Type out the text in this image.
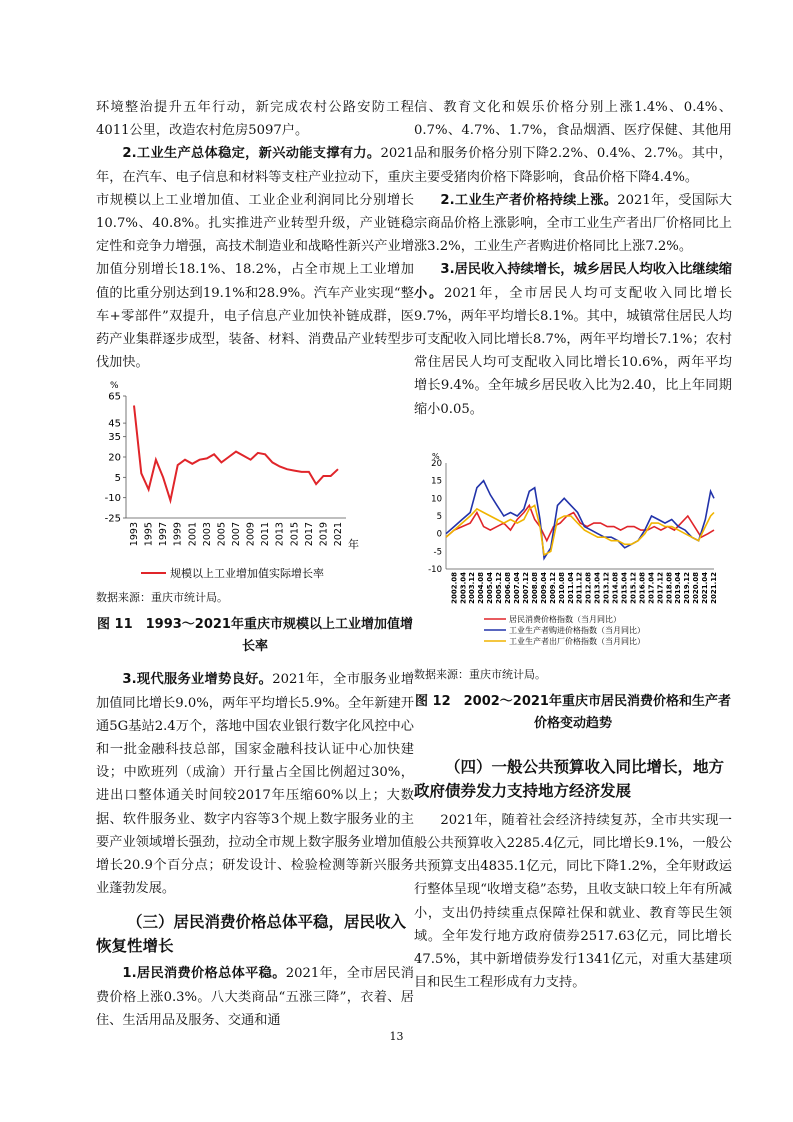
环境整治提升五年行动，新完成农村公路安防工程4011公里，改造农村危房5097户。

2.工业生产总体稳定，新兴动能支撑有力。2021年，在汽车、电子信息和材料等支柱产业拉动下，重庆市规模以上工业增加值、工业企业利润同比分别增长10.7%、40.8%。扎实推进产业转型升级，产业链稳定性和竞争力增强，高技术制造业和战略性新兴产业增加值分别增长18.1%、18.2%，占全市规上工业增加值的比重分别达到19.1%和28.9%。汽车产业实现“整车+零部件”双提升，电子信息产业加快补链成群，医药产业集群逐步成型，装备、材料、消费品产业转型步伐加快。

%
65
45
35
20
5
-10
-25
1993 1995 1997 1999 2001 2003 2005 2007 2009 2011 2013 2015 2017 2019 2021 年
规模以上工业增加值实际增长率

数据来源：重庆市统计局。

图 11　1993～2021年重庆市规模以上工业增加值增长率

3.现代服务业增势良好。2021年，全市服务业增加值同比增长9.0%，两年平均增长5.9%。全年新建开通5G基站2.4万个，落地中国农业银行数字化风控中心和一批金融科技总部，国家金融科技认证中心加快建设；中欧班列（成渝）开行量占全国比例超过30%，进出口整体通关时间较2017年压缩60%以上；大数据、软件服务业、数字内容等3个规上数字服务业的主要产业领域增长强劲，拉动全市规上数字服务业增加值增长20.9个百分点；研发设计、检验检测等新兴服务业蓬勃发展。

（三）居民消费价格总体平稳，居民收入恢复性增长

1.居民消费价格总体平稳。2021年，全市居民消费价格上涨0.3%。八大类商品“五涨三降”，衣着、居住、生活用品及服务、交通和通

信、教育文化和娱乐价格分别上涨1.4%、0.4%、0.7%、4.7%、1.7%，食品烟酒、医疗保健、其他用品和服务价格分别下降2.2%、0.4%、2.7%。其中，主要受猪肉价格下降影响，食品价格下降4.4%。

2.工业生产者价格持续上涨。2021年，受国际大宗商品价格上涨影响，全市工业生产者出厂价格同比上涨3.2%，工业生产者购进价格同比上涨7.2%。

3.居民收入持续增长，城乡居民人均收入比继续缩小。2021年，全市居民人均可支配收入同比增长9.7%，两年平均增长8.1%。其中，城镇常住居民人均可支配收入同比增长8.7%，两年平均增长7.1%；农村常住居民人均可支配收入同比增长10.6%，两年平均增长9.4%。全年城乡居民收入比为2.40，比上年同期缩小0.05。

%
20
15
10
5
0
-5
-10
2002.08 2003.04 2003.12 2004.08 2005.04 2005.12 2006.08 2007.04 2007.12 2008.08 2009.04 2009.12 2010.08 2011.04 2011.12 2012.08 2013.04 2013.12 2014.08 2015.04 2015.12 2016.08 2017.04 2017.12 2018.08 2019.04 2019.12 2020.08 2021.04 2021.12
居民消费价格指数（当月同比）
工业生产者购进价格指数（当月同比）
工业生产者出厂价格指数（当月同比）

数据来源：重庆市统计局。

图 12　2002～2021年重庆市居民消费价格和生产者价格变动趋势
（四）一般公共预算收入同比增长，地方政府债券发力支持地方经济发展

2021年，随着社会经济持续复苏，全市共实现一般公共预算收入2285.4亿元，同比增长9.1%，一般公共预算支出4835.1亿元，同比下降1.2%，全年财政运行整体呈现“收增支稳”态势，且收支缺口较上年有所减小，支出仍持续重点保障社保和就业、教育等民生领域。全年发行地方政府债券2517.63亿元，同比增长47.5%，其中新增债券发行1341亿元，对重大基建项目和民生工程形成有力支持。

13
